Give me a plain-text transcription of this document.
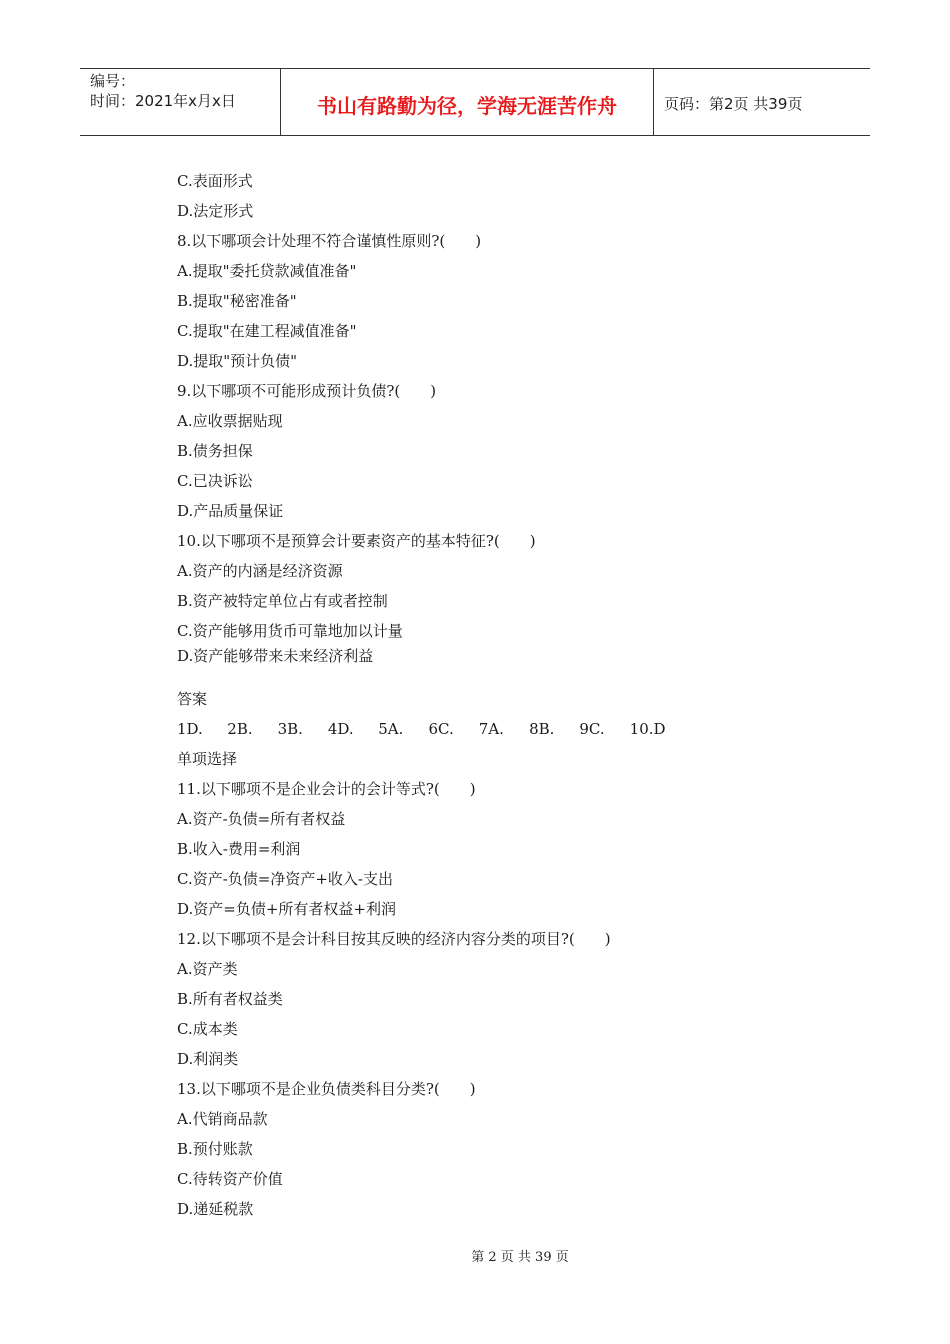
编号：
时间：2021年x月x日	书山有路勤为径，学海无涯苦作舟	页码：第2页 共39页
C.表面形式
D.法定形式
8.以下哪项会计处理不符合谨慎性原则?(　　)
A.提取"委托贷款减值准备"
B.提取"秘密准备"
C.提取"在建工程减值准备"
D.提取"预计负债"
9.以下哪项不可能形成预计负债?(　　)
A.应收票据贴现
B.债务担保
C.已决诉讼
D.产品质量保证
10.以下哪项不是预算会计要素资产的基本特征?(　　)
A.资产的内涵是经济资源
B.资产被特定单位占有或者控制
C.资产能够用货币可靠地加以计量
D.资产能够带来未来经济利益
答案
1D.	2B.	3B.	4D.	5A.	6C.	7A.	8B.	9C.	10.D
单项选择
11.以下哪项不是企业会计的会计等式?(　　)
A.资产-负债=所有者权益
B.收入-费用=利润
C.资产-负债=净资产+收入-支出
D.资产=负债+所有者权益+利润
12.以下哪项不是会计科目按其反映的经济内容分类的项目?(　　)
A.资产类
B.所有者权益类
C.成本类
D.利润类
13.以下哪项不是企业负债类科目分类?(　　)
A.代销商品款
B.预付账款
C.待转资产价值
D.递延税款
第 2 页 共 39 页
